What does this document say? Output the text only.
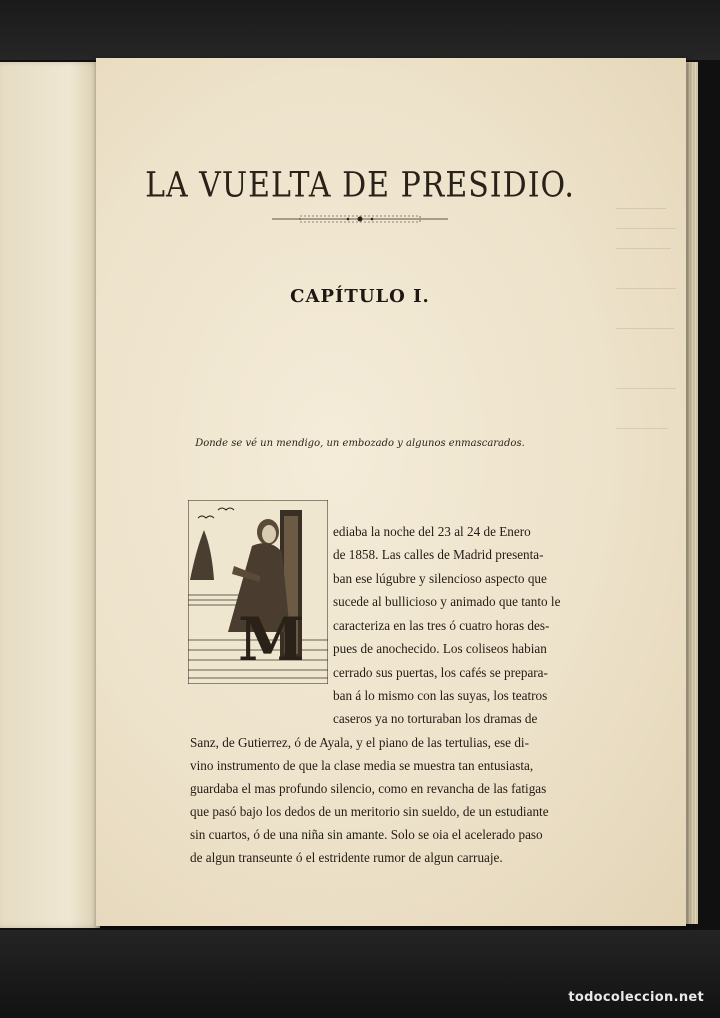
LA VUELTA DE PRESIDIO.
CAPÍTULO I.
Donde se vé un mendigo, un embozado y algunos enmascarados.
M

ediaba la noche del 23 al 24 de Enero

de 1858. Las calles de Madrid presenta-

ban ese lúgubre y silencioso aspecto que

sucede al bullicioso y animado que tanto le

caracteriza en las tres ó cuatro horas des-

pues de anochecido. Los coliseos habian

cerrado sus puertas, los cafés se prepara-

ban á lo mismo con las suyas, los teatros

caseros ya no torturaban los dramas de

Sanz, de Gutierrez, ó de Ayala, y el piano de las tertulias, ese di-

vino instrumento de que la clase media se muestra tan entusiasta,

guardaba el mas profundo silencio, como en revancha de las fatigas

que pasó bajo los dedos de un meritorio sin sueldo, de un estudiante

sin cuartos, ó de una niña sin amante. Solo se oia el acelerado paso

de algun transeunte ó el estridente rumor de algun carruaje.

todocoleccion.net
